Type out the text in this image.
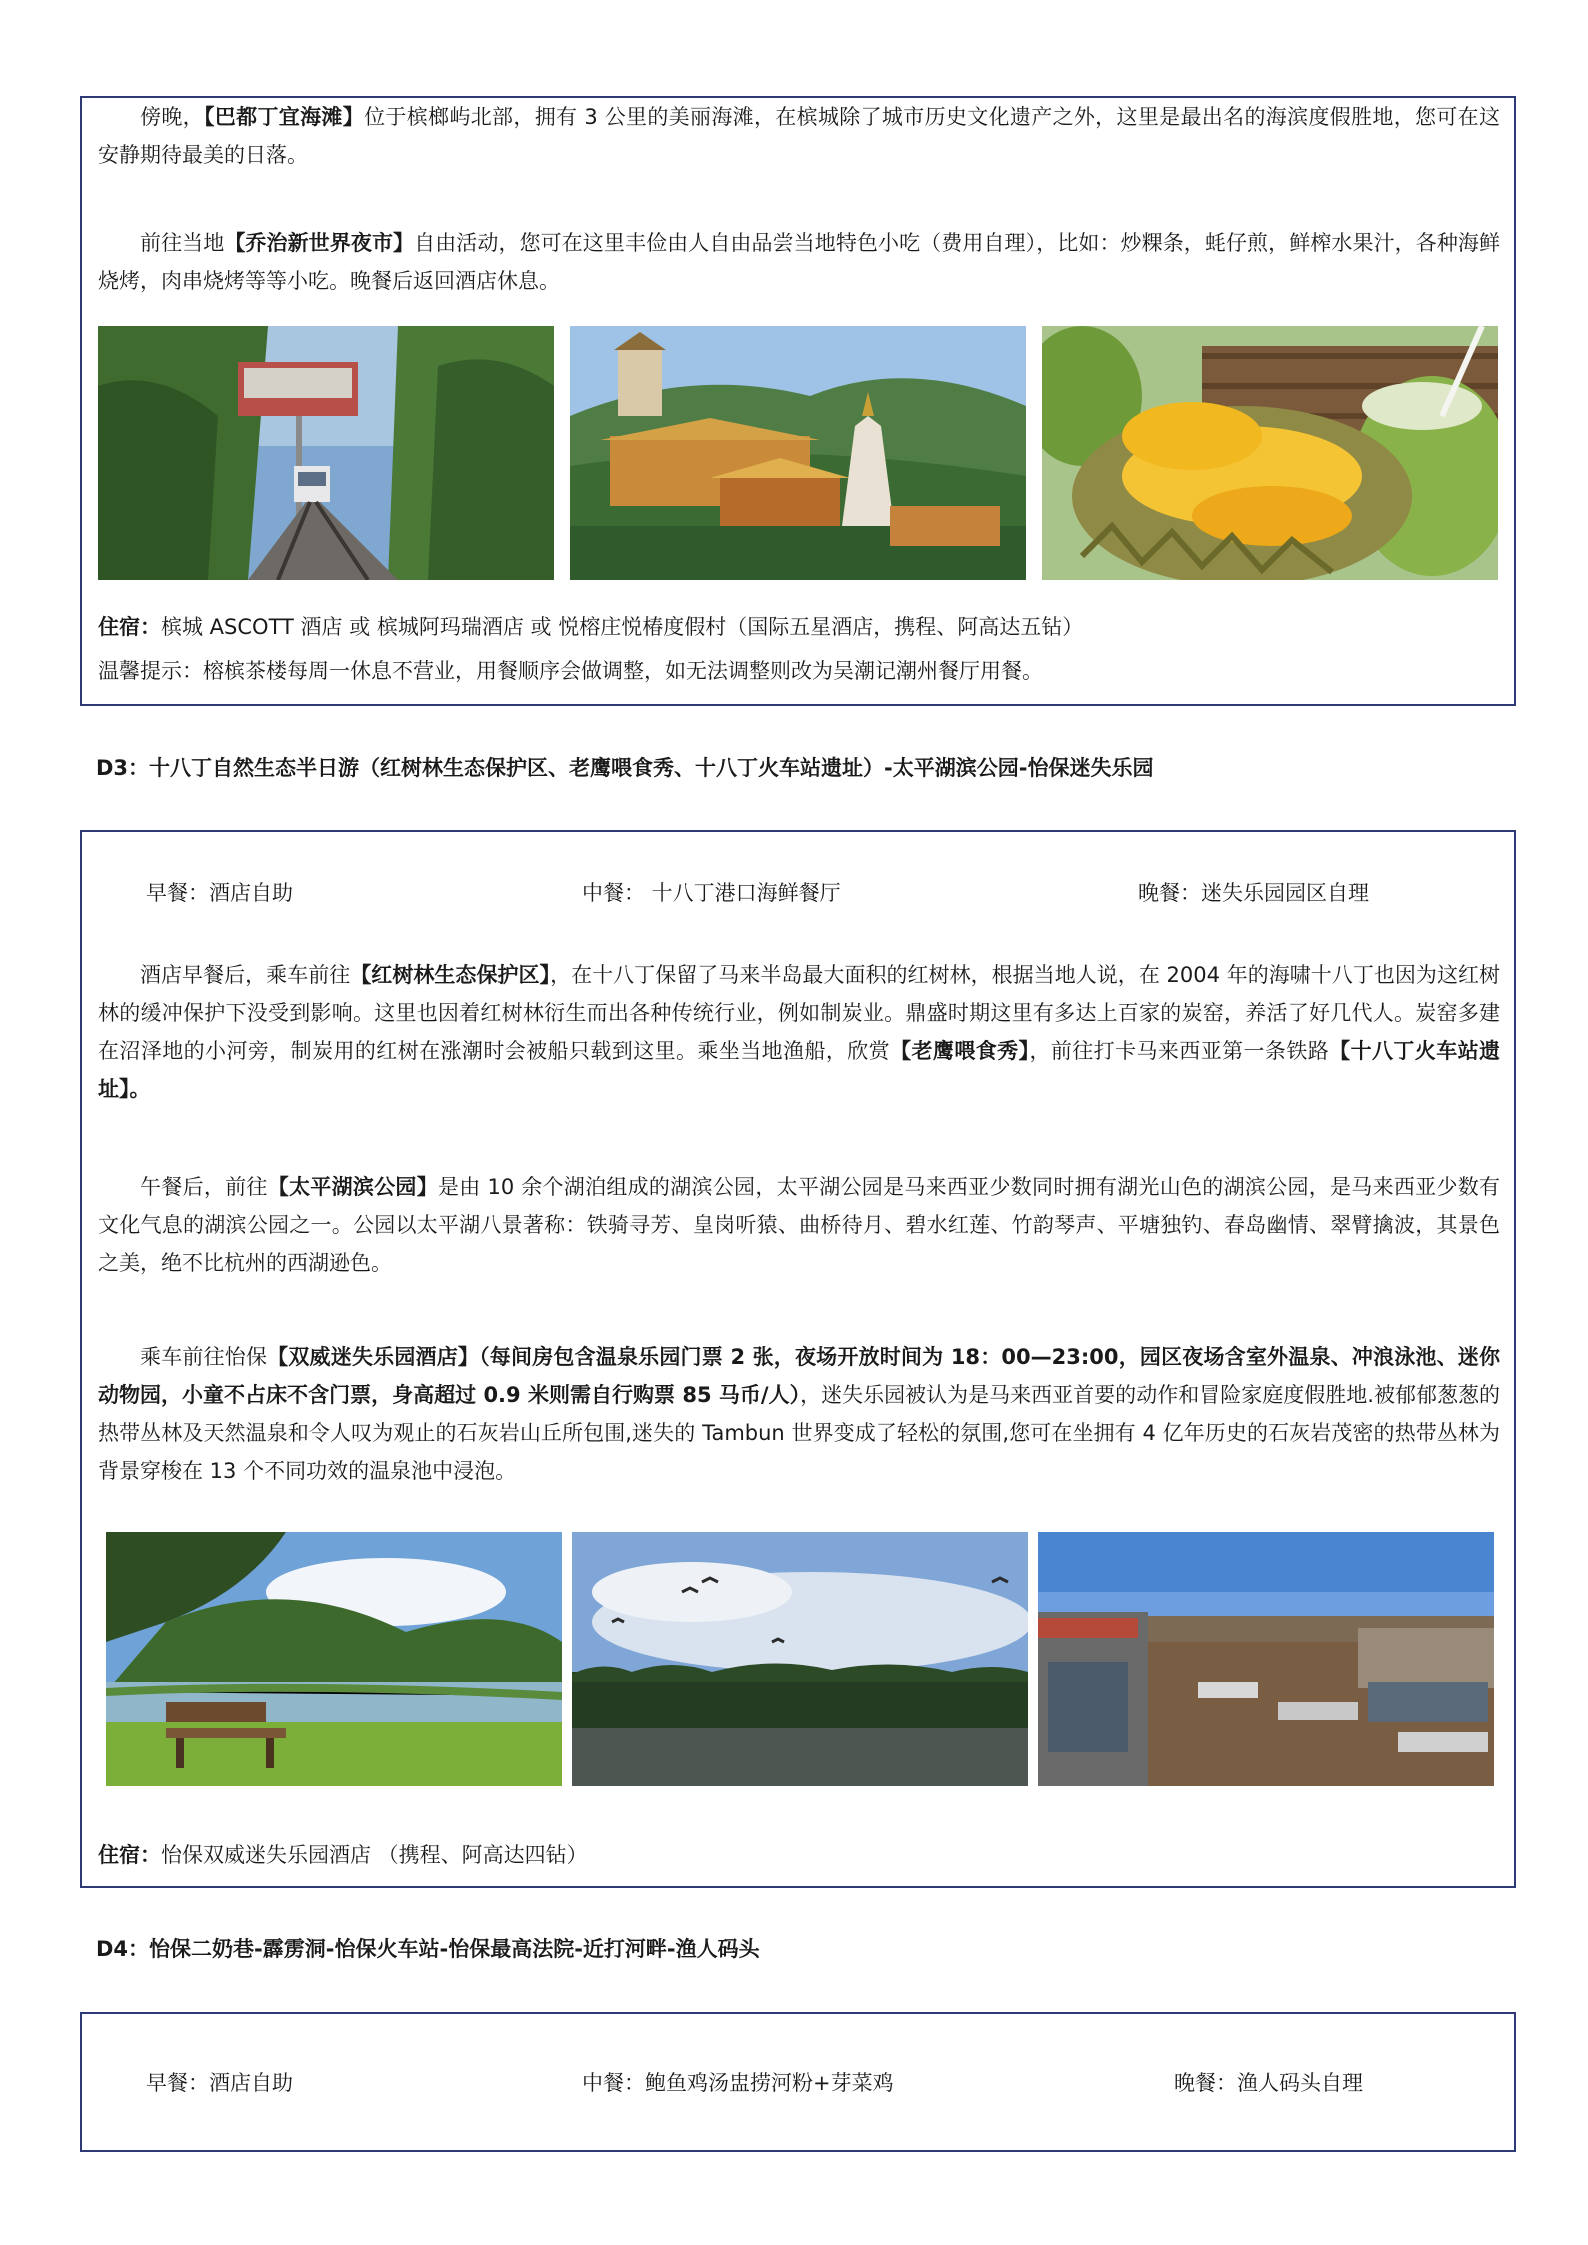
傍晚，【巴都丁宜海滩】位于槟榔屿北部，拥有 3 公里的美丽海滩，在槟城除了城市历史文化遗产之外，这里是最出名的海滨度假胜地，您可在这安静期待最美的日落。

前往当地【乔治新世界夜市】自由活动，您可在这里丰俭由人自由品尝当地特色小吃（费用自理），比如：炒粿条，蚝仔煎，鲜榨水果汁，各种海鲜烧烤，肉串烧烤等等小吃。晚餐后返回酒店休息。

住宿：槟城 ASCOTT 酒店 或 槟城阿玛瑞酒店 或 悦榕庄悦椿度假村（国际五星酒店，携程、阿高达五钻）
温馨提示：榕槟茶楼每周一休息不营业，用餐顺序会做调整，如无法调整则改为吴潮记潮州餐厅用餐。
D3：十八丁自然生态半日游（红树林生态保护区、老鹰喂食秀、十八丁火车站遗址）-太平湖滨公园-怡保迷失乐园
早餐：酒店自助	中餐： 十八丁港口海鲜餐厅	晚餐：迷失乐园园区自理

酒店早餐后，乘车前往【红树林生态保护区】，在十八丁保留了马来半岛最大面积的红树林，根据当地人说，在 2004 年的海啸十八丁也因为这红树林的缓冲保护下没受到影响。这里也因着红树林衍生而出各种传统行业，例如制炭业。鼎盛时期这里有多达上百家的炭窑，养活了好几代人。炭窑多建在沼泽地的小河旁，制炭用的红树在涨潮时会被船只载到这里。乘坐当地渔船，欣赏【老鹰喂食秀】，前往打卡马来西亚第一条铁路【十八丁火车站遗址】。

午餐后，前往【太平湖滨公园】是由 10 余个湖泊组成的湖滨公园，太平湖公园是马来西亚少数同时拥有湖光山色的湖滨公园，是马来西亚少数有文化气息的湖滨公园之一。公园以太平湖八景著称：铁骑寻芳、皇岗听猿、曲桥待月、碧水红莲、竹韵琴声、平塘独钓、春岛幽情、翠臂擒波，其景色之美，绝不比杭州的西湖逊色。

乘车前往怡保【双威迷失乐园酒店】（每间房包含温泉乐园门票 2 张，夜场开放时间为 18：00—23:00，园区夜场含室外温泉、冲浪泳池、迷你动物园，小童不占床不含门票，身高超过 0.9 米则需自行购票 85 马币/人），迷失乐园被认为是马来西亚首要的动作和冒险家庭度假胜地.被郁郁葱葱的热带丛林及天然温泉和令人叹为观止的石灰岩山丘所包围,迷失的 Tambun 世界变成了轻松的氛围,您可在坐拥有 4 亿年历史的石灰岩茂密的热带丛林为背景穿梭在 13 个不同功效的温泉池中浸泡。

住宿：怡保双威迷失乐园酒店 （携程、阿高达四钻）
D4：怡保二奶巷-霹雳洞-怡保火车站-怡保最高法院-近打河畔-渔人码头
早餐：酒店自助	中餐：鲍鱼鸡汤盅捞河粉+芽菜鸡	晚餐：渔人码头自理
